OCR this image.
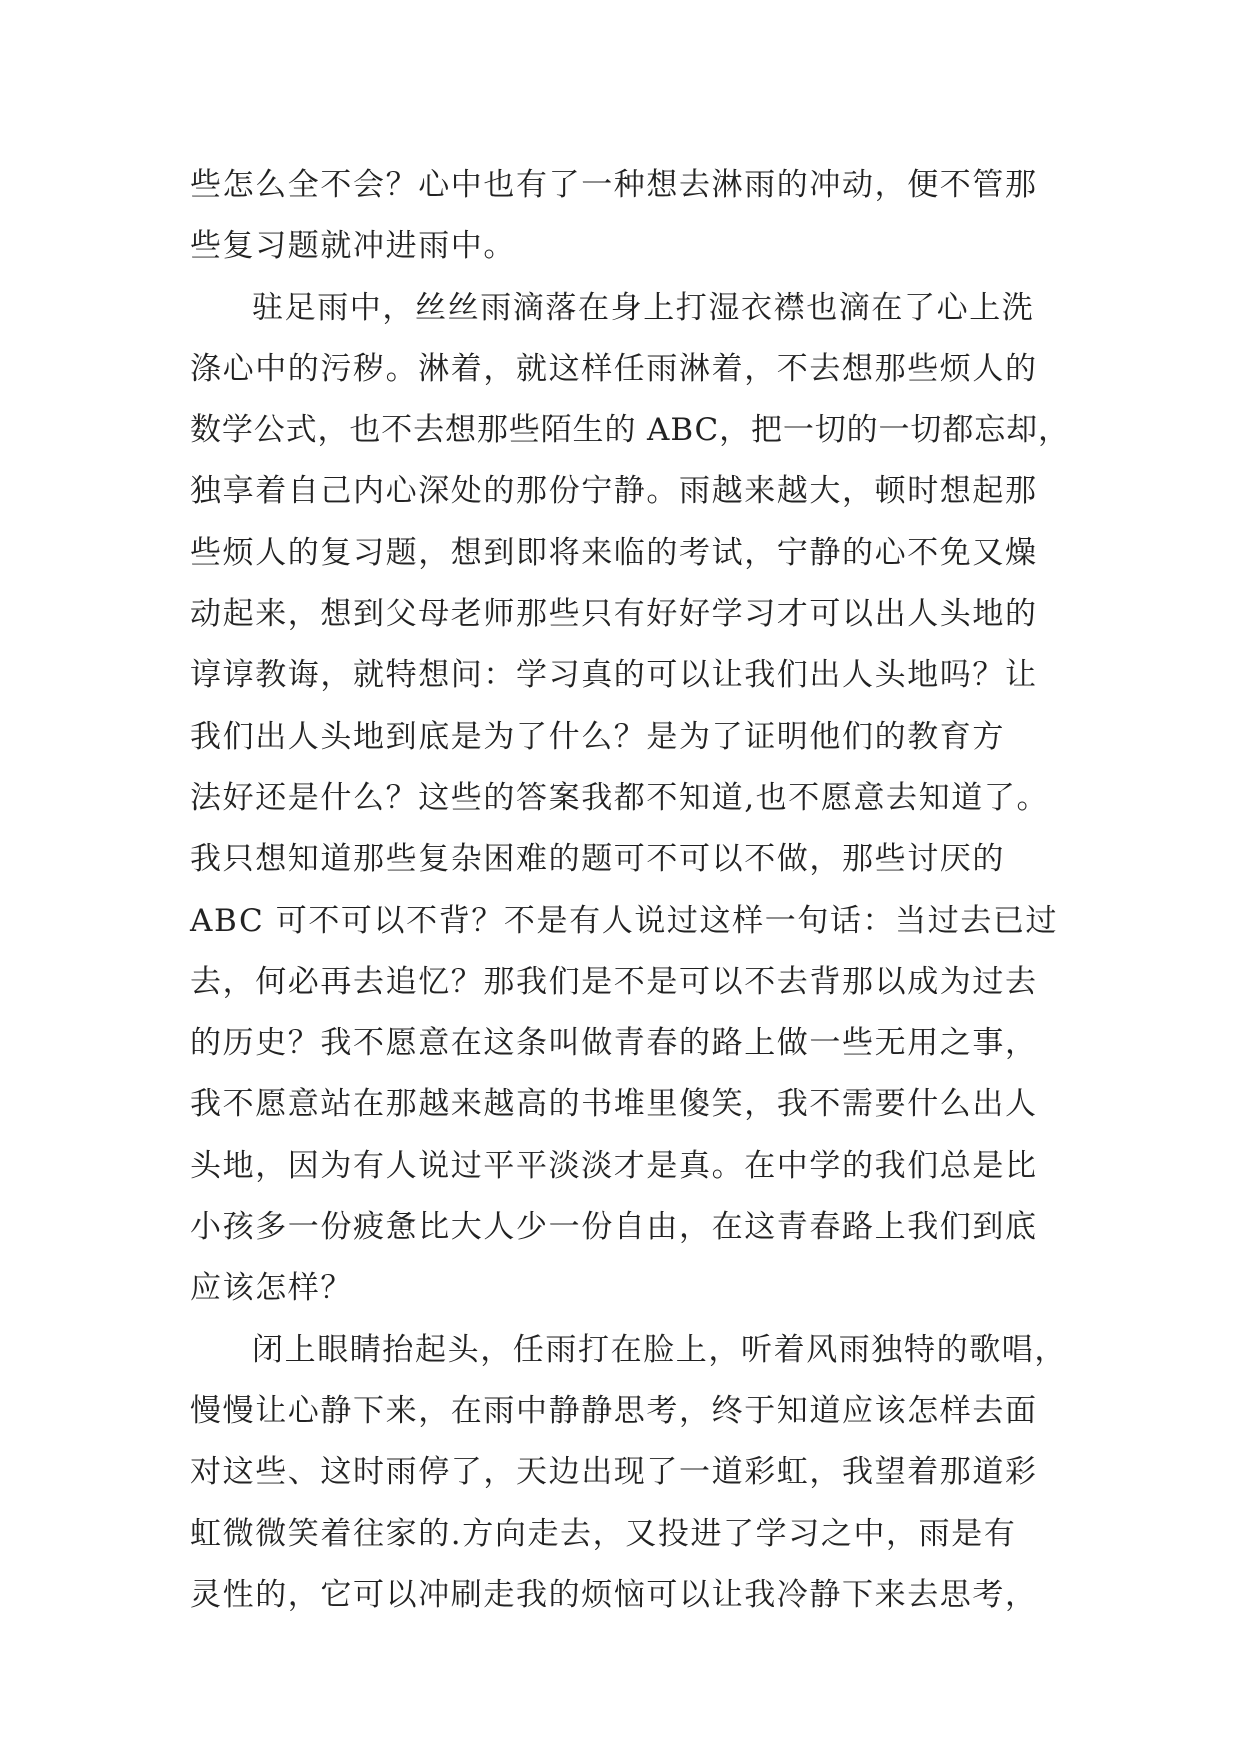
些怎么全不会？心中也有了一种想去淋雨的冲动，便不管那
些复习题就冲进雨中。
驻足雨中，丝丝雨滴落在身上打湿衣襟也滴在了心上洗
涤心中的污秽。淋着，就这样任雨淋着，不去想那些烦人的
数学公式，也不去想那些陌生的 ABC，把一切的一切都忘却，
独享着自己内心深处的那份宁静。雨越来越大，顿时想起那
些烦人的复习题，想到即将来临的考试，宁静的心不免又燥
动起来，想到父母老师那些只有好好学习才可以出人头地的
谆谆教诲，就特想问：学习真的可以让我们出人头地吗？让
我们出人头地到底是为了什么？是为了证明他们的教育方
法好还是什么？这些的答案我都不知道,也不愿意去知道了。
我只想知道那些复杂困难的题可不可以不做，那些讨厌的
ABC 可不可以不背？不是有人说过这样一句话：当过去已过
去，何必再去追忆？那我们是不是可以不去背那以成为过去
的历史？我不愿意在这条叫做青春的路上做一些无用之事，
我不愿意站在那越来越高的书堆里傻笑，我不需要什么出人
头地，因为有人说过平平淡淡才是真。在中学的我们总是比
小孩多一份疲惫比大人少一份自由，在这青春路上我们到底
应该怎样？
闭上眼睛抬起头，任雨打在脸上，听着风雨独特的歌唱，
慢慢让心静下来，在雨中静静思考，终于知道应该怎样去面
对这些、这时雨停了，天边出现了一道彩虹，我望着那道彩
虹微微笑着往家的.方向走去，又投进了学习之中，雨是有
灵性的，它可以冲刷走我的烦恼可以让我冷静下来去思考，
